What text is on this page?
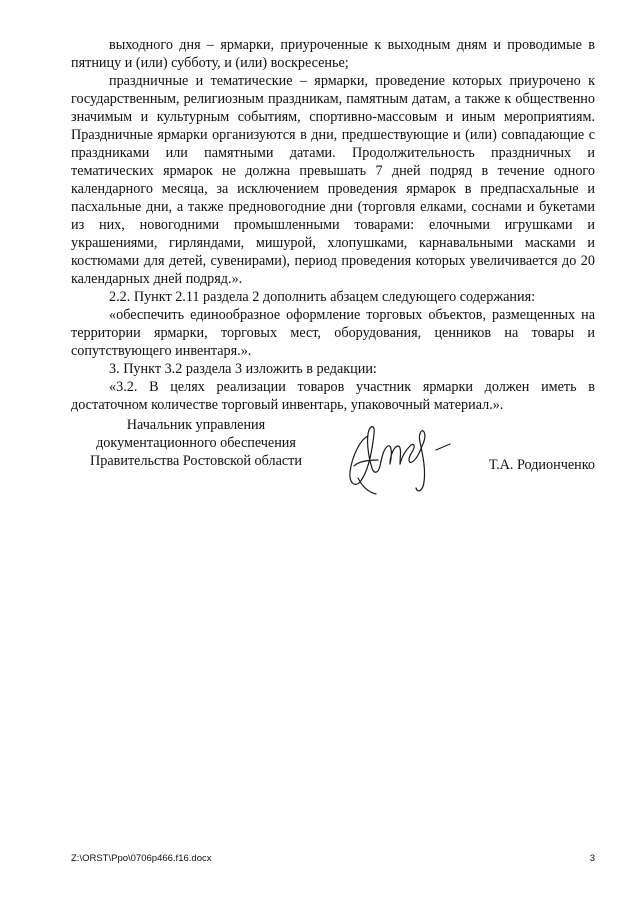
выходного дня – ярмарки, приуроченные к выходным дням и проводимые в пятницу и (или) субботу, и (или) воскресенье;

праздничные и тематические – ярмарки, проведение которых приурочено к государственным, религиозным праздникам, памятным датам, а также к общественно значимым и культурным событиям, спортивно-массовым и иным мероприятиям. Праздничные ярмарки организуются в дни, предшествующие и (или) совпадающие с праздниками или памятными датами. Продолжительность праздничных и тематических ярмарок не должна превышать 7 дней подряд в течение одного календарного месяца, за исключением проведения ярмарок в предпасхальные и пасхальные дни, а также предновогодние дни (торговля елками, соснами и букетами из них, новогодними промышленными товарами: елочными игрушками и украшениями, гирляндами, мишурой, хлопушками, карнавальными масками и костюмами для детей, сувенирами), период проведения которых увеличивается до 20 календарных дней подряд.».

2.2. Пункт 2.11 раздела 2 дополнить абзацем следующего содержания:

«обеспечить единообразное оформление торговых объектов, размещенных на территории ярмарки, торговых мест, оборудования, ценников на товары и сопутствующего инвентаря.».

3. Пункт 3.2 раздела 3 изложить в редакции:

«3.2. В целях реализации товаров участник ярмарки должен иметь в достаточном количестве торговый инвентарь, упаковочный материал.».

Начальник управления
документационного обеспечения
Правительства Ростовской области	Т.А. Родионченко
Z:\ORST\Ppo\0706p466.f16.docx	3
